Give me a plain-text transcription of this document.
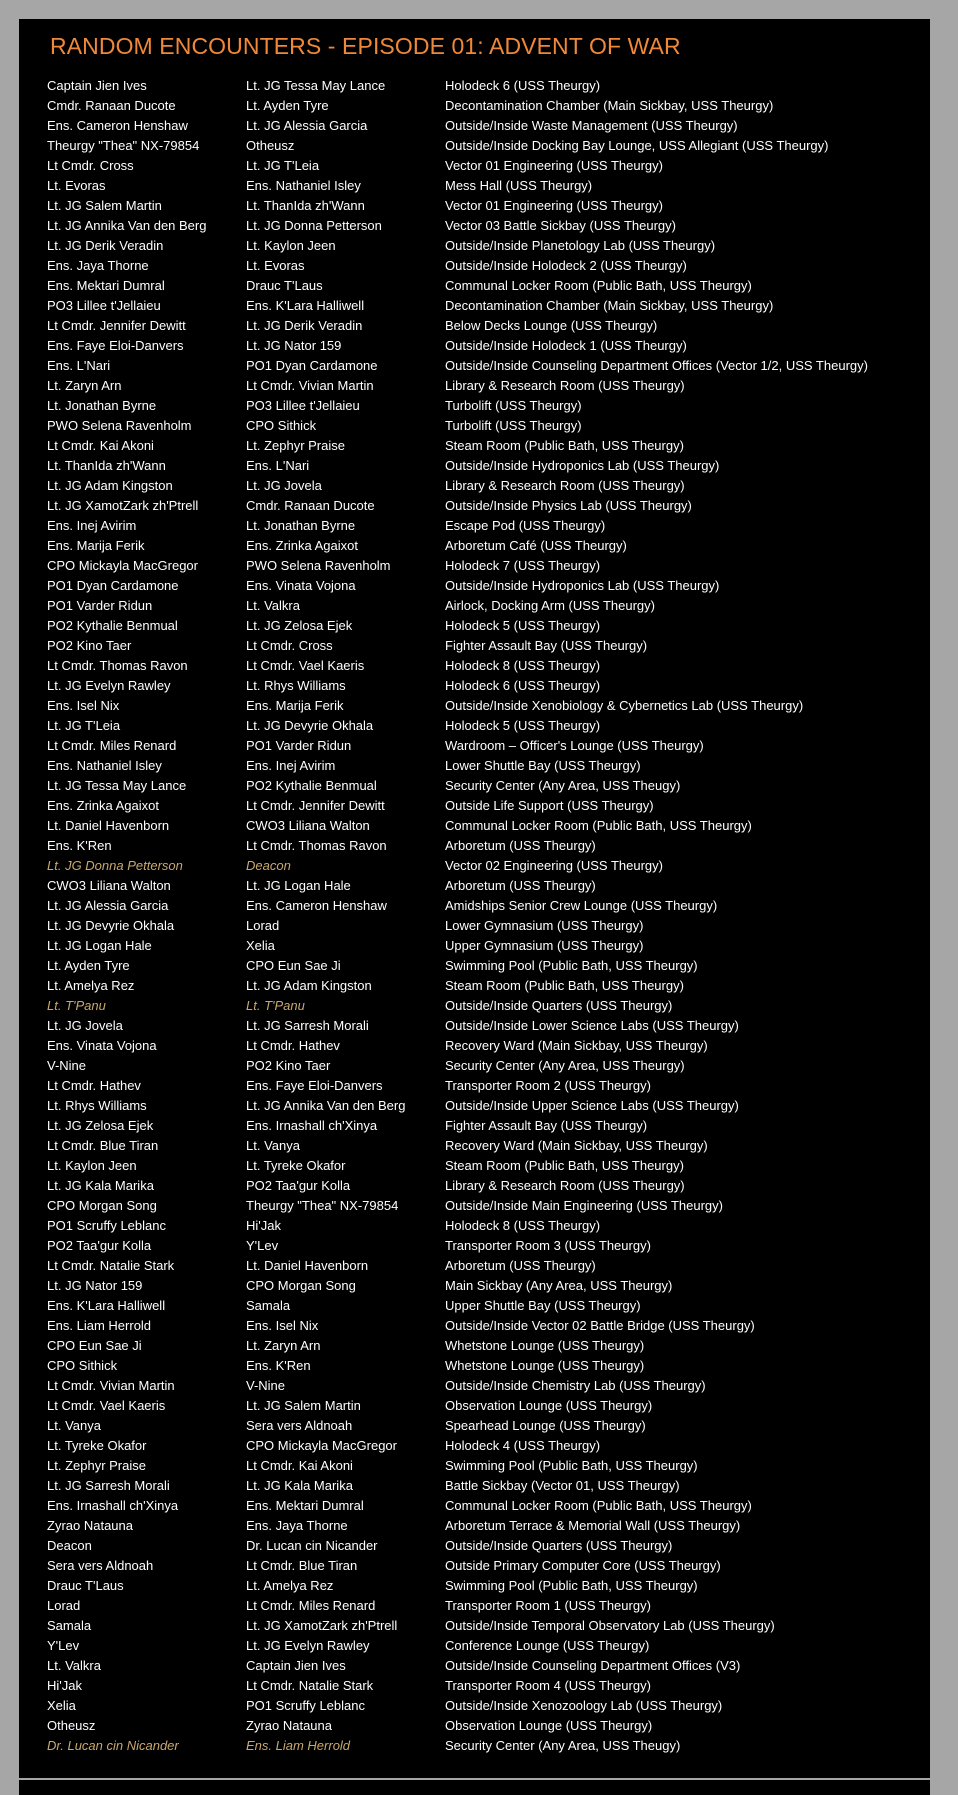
RANDOM ENCOUNTERS - EPISODE 01: ADVENT OF WAR
Captain Jien Ives	Lt. JG Tessa May Lance	Holodeck 6 (USS Theurgy)
Cmdr. Ranaan Ducote	Lt. Ayden Tyre	Decontamination Chamber (Main Sickbay, USS Theurgy)
Ens. Cameron Henshaw	Lt. JG Alessia Garcia	Outside/Inside Waste Management (USS Theurgy)
Theurgy "Thea" NX-79854	Otheusz	Outside/Inside Docking Bay Lounge, USS Allegiant (USS Theurgy)
Lt Cmdr. Cross	Lt. JG T'Leia	Vector 01 Engineering (USS Theurgy)
Lt. Evoras	Ens. Nathaniel Isley	Mess Hall (USS Theurgy)
Lt. JG Salem Martin	Lt. ThanIda zh'Wann	Vector 01 Engineering (USS Theurgy)
Lt. JG Annika Van den Berg	Lt. JG Donna Petterson	Vector 03 Battle Sickbay (USS Theurgy)
Lt. JG Derik Veradin	Lt. Kaylon Jeen	Outside/Inside Planetology Lab (USS Theurgy)
Ens. Jaya Thorne	Lt. Evoras	Outside/Inside Holodeck 2 (USS Theurgy)
Ens. Mektari Dumral	Drauc T'Laus	Communal Locker Room (Public Bath, USS Theurgy)
PO3 Lillee t'Jellaieu	Ens. K'Lara Halliwell	Decontamination Chamber (Main Sickbay, USS Theurgy)
Lt Cmdr. Jennifer Dewitt	Lt. JG Derik Veradin	Below Decks Lounge (USS Theurgy)
Ens. Faye Eloi-Danvers	Lt. JG Nator 159	Outside/Inside Holodeck 1 (USS Theurgy)
Ens. L'Nari	PO1 Dyan Cardamone	Outside/Inside Counseling Department Offices (Vector 1/2, USS Theurgy)
Lt. Zaryn Arn	Lt Cmdr. Vivian Martin	Library & Research Room (USS Theurgy)
Lt. Jonathan Byrne	PO3 Lillee t'Jellaieu	Turbolift (USS Theurgy)
PWO Selena Ravenholm	CPO Sithick	Turbolift (USS Theurgy)
Lt Cmdr. Kai Akoni	Lt. Zephyr Praise	Steam Room (Public Bath, USS Theurgy)
Lt. ThanIda zh'Wann	Ens. L'Nari	Outside/Inside Hydroponics Lab (USS Theurgy)
Lt. JG Adam Kingston	Lt. JG Jovela	Library & Research Room (USS Theurgy)
Lt. JG XamotZark zh'Ptrell	Cmdr. Ranaan Ducote	Outside/Inside Physics Lab (USS Theurgy)
Ens. Inej Avirim	Lt. Jonathan Byrne	Escape Pod (USS Theurgy)
Ens. Marija Ferik	Ens. Zrinka Agaixot	Arboretum Café (USS Theurgy)
CPO Mickayla MacGregor	PWO Selena Ravenholm	Holodeck 7 (USS Theurgy)
PO1 Dyan Cardamone	Ens. Vinata Vojona	Outside/Inside Hydroponics Lab (USS Theurgy)
PO1 Varder Ridun	Lt. Valkra	Airlock, Docking Arm (USS Theurgy)
PO2 Kythalie Benmual	Lt. JG Zelosa Ejek	Holodeck 5 (USS Theurgy)
PO2 Kino Taer	Lt Cmdr. Cross	Fighter Assault Bay (USS Theurgy)
Lt Cmdr. Thomas Ravon	Lt Cmdr. Vael Kaeris	Holodeck 8 (USS Theurgy)
Lt. JG Evelyn Rawley	Lt. Rhys Williams	Holodeck 6 (USS Theurgy)
Ens. Isel Nix	Ens. Marija Ferik	Outside/Inside Xenobiology & Cybernetics Lab (USS Theurgy)
Lt. JG T'Leia	Lt. JG Devyrie Okhala	Holodeck 5 (USS Theurgy)
Lt Cmdr. Miles Renard	PO1 Varder Ridun	Wardroom – Officer's Lounge (USS Theurgy)
Ens. Nathaniel Isley	Ens. Inej Avirim	Lower Shuttle Bay (USS Theurgy)
Lt. JG Tessa May Lance	PO2 Kythalie Benmual	Security Center (Any Area, USS Theugy)
Ens. Zrinka Agaixot	Lt Cmdr. Jennifer Dewitt	Outside Life Support (USS Theurgy)
Lt. Daniel Havenborn	CWO3 Liliana Walton	Communal Locker Room (Public Bath, USS Theurgy)
Ens. K'Ren	Lt Cmdr. Thomas Ravon	Arboretum (USS Theurgy)
Lt. JG Donna Petterson	Deacon	Vector 02 Engineering (USS Theurgy)
CWO3 Liliana Walton	Lt. JG Logan Hale	Arboretum (USS Theurgy)
Lt. JG Alessia Garcia	Ens. Cameron Henshaw	Amidships Senior Crew Lounge (USS Theurgy)
Lt. JG Devyrie Okhala	Lorad	Lower Gymnasium (USS Theurgy)
Lt. JG Logan Hale	Xelia	Upper Gymnasium (USS Theurgy)
Lt. Ayden Tyre	CPO Eun Sae Ji	Swimming Pool (Public Bath, USS Theurgy)
Lt. Amelya Rez	Lt. JG Adam Kingston	Steam Room (Public Bath, USS Theurgy)
Lt. T'Panu	Lt. T'Panu	Outside/Inside Quarters (USS Theurgy)
Lt. JG Jovela	Lt. JG Sarresh Morali	Outside/Inside Lower Science Labs (USS Theurgy)
Ens. Vinata Vojona	Lt Cmdr. Hathev	Recovery Ward (Main Sickbay, USS Theurgy)
V-Nine	PO2 Kino Taer	Security Center (Any Area, USS Theurgy)
Lt Cmdr. Hathev	Ens. Faye Eloi-Danvers	Transporter Room 2 (USS Theurgy)
Lt. Rhys Williams	Lt. JG Annika Van den Berg	Outside/Inside Upper Science Labs (USS Theurgy)
Lt. JG Zelosa Ejek	Ens. Irnashall ch'Xinya	Fighter Assault Bay (USS Theurgy)
Lt Cmdr. Blue Tiran	Lt. Vanya	Recovery Ward (Main Sickbay, USS Theurgy)
Lt. Kaylon Jeen	Lt. Tyreke Okafor	Steam Room (Public Bath, USS Theurgy)
Lt. JG Kala Marika	PO2 Taa'gur Kolla	Library & Research Room (USS Theurgy)
CPO Morgan Song	Theurgy "Thea" NX-79854	Outside/Inside Main Engineering (USS Theurgy)
PO1 Scruffy Leblanc	Hi'Jak	Holodeck 8 (USS Theurgy)
PO2 Taa'gur Kolla	Y'Lev	Transporter Room 3 (USS Theurgy)
Lt Cmdr. Natalie Stark	Lt. Daniel Havenborn	Arboretum (USS Theurgy)
Lt. JG Nator 159	CPO Morgan Song	Main Sickbay (Any Area, USS Theurgy)
Ens. K'Lara Halliwell	Samala	Upper Shuttle Bay (USS Theurgy)
Ens. Liam Herrold	Ens. Isel Nix	Outside/Inside Vector 02 Battle Bridge (USS Theurgy)
CPO Eun Sae Ji	Lt. Zaryn Arn	Whetstone Lounge (USS Theurgy)
CPO Sithick	Ens. K'Ren	Whetstone Lounge (USS Theurgy)
Lt Cmdr. Vivian Martin	V-Nine	Outside/Inside Chemistry Lab (USS Theurgy)
Lt Cmdr. Vael Kaeris	Lt. JG Salem Martin	Observation Lounge (USS Theurgy)
Lt. Vanya	Sera vers Aldnoah	Spearhead Lounge (USS Theurgy)
Lt. Tyreke Okafor	CPO Mickayla MacGregor	Holodeck 4 (USS Theurgy)
Lt. Zephyr Praise	Lt Cmdr. Kai Akoni	Swimming Pool (Public Bath, USS Theurgy)
Lt. JG Sarresh Morali	Lt. JG Kala Marika	Battle Sickbay (Vector 01, USS Theurgy)
Ens. Irnashall ch'Xinya	Ens. Mektari Dumral	Communal Locker Room (Public Bath, USS Theurgy)
Zyrao Natauna	Ens. Jaya Thorne	Arboretum Terrace & Memorial Wall (USS Theurgy)
Deacon	Dr. Lucan cin Nicander	Outside/Inside Quarters (USS Theurgy)
Sera vers Aldnoah	Lt Cmdr. Blue Tiran	Outside Primary Computer Core (USS Theurgy)
Drauc T'Laus	Lt. Amelya Rez	Swimming Pool (Public Bath, USS Theurgy)
Lorad	Lt Cmdr. Miles Renard	Transporter Room 1 (USS Theurgy)
Samala	Lt. JG XamotZark zh'Ptrell	Outside/Inside Temporal Observatory Lab (USS Theurgy)
Y'Lev	Lt. JG Evelyn Rawley	Conference Lounge (USS Theurgy)
Lt. Valkra	Captain Jien Ives	Outside/Inside Counseling Department Offices (V3)
Hi'Jak	Lt Cmdr. Natalie Stark	Transporter Room 4 (USS Theurgy)
Xelia	PO1 Scruffy Leblanc	Outside/Inside Xenozoology Lab (USS Theurgy)
Otheusz	Zyrao Natauna	Observation Lounge (USS Theurgy)
Dr. Lucan cin Nicander	Ens. Liam Herrold	Security Center (Any Area, USS Theugy)
